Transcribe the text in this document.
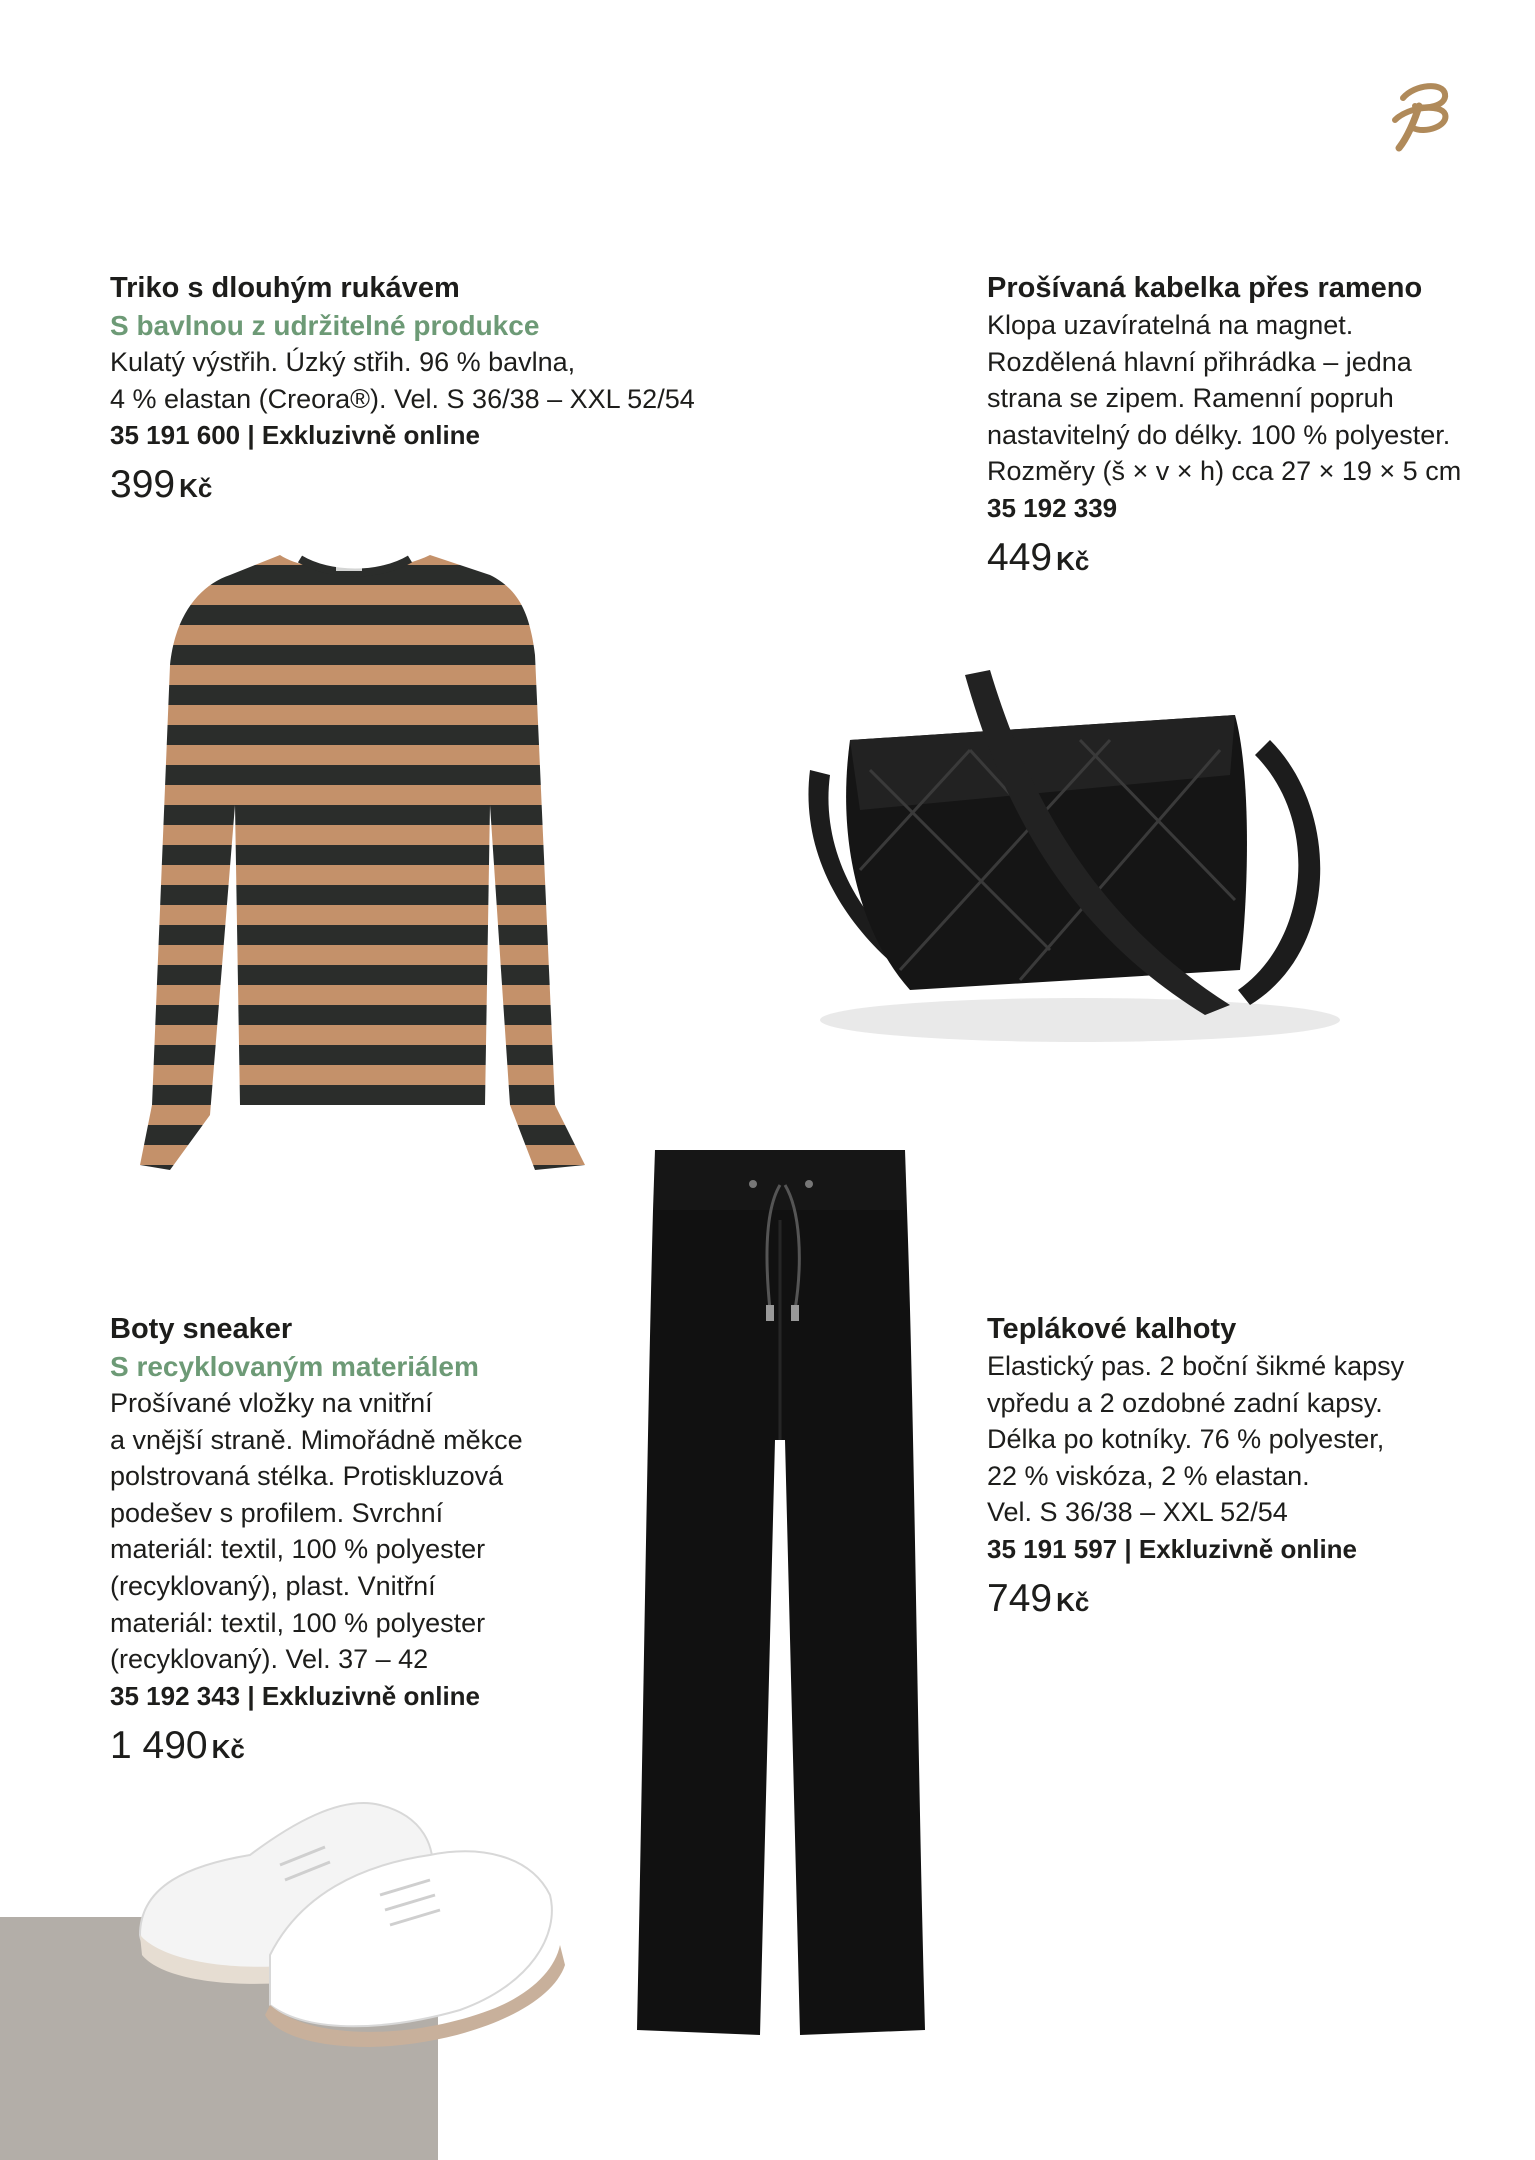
Triko s dlouhým rukávem

S bavlnou z udržitelné produkce

Kulatý výstřih. Úzký střih. 96 % bavlna,
4 % elastan (Creora®). Vel. S 36/38 – XXL 52/54

35 191 600 | Exkluzivně online

399 Kč

Prošívaná kabelka přes rameno

Klopa uzavíratelná na magnet.
Rozdělená hlavní přihrádka – jedna
strana se zipem. Ramenní popruh
nastavitelný do délky. 100 % polyester.
Rozměry (š × v × h) cca 27 × 19 × 5 cm

35 192 339

449 Kč

Boty sneaker

S recyklovaným materiálem

Prošívané vložky na vnitřní
a vnější straně. Mimořádně měkce
polstrovaná stélka. Protiskluzová
podešev s profilem. Svrchní
materiál: textil, 100 % polyester
(recyklovaný), plast. Vnitřní
materiál: textil, 100 % polyester
(recyklovaný). Vel. 37 – 42

35 192 343 | Exkluzivně online

1 490 Kč

Teplákové kalhoty

Elastický pas. 2 boční šikmé kapsy
vpředu a 2 ozdobné zadní kapsy.
Délka po kotníky. 76 % polyester,
22 % viskóza, 2 % elastan.
Vel. S 36/38 – XXL 52/54

35 191 597 | Exkluzivně online

749 Kč
